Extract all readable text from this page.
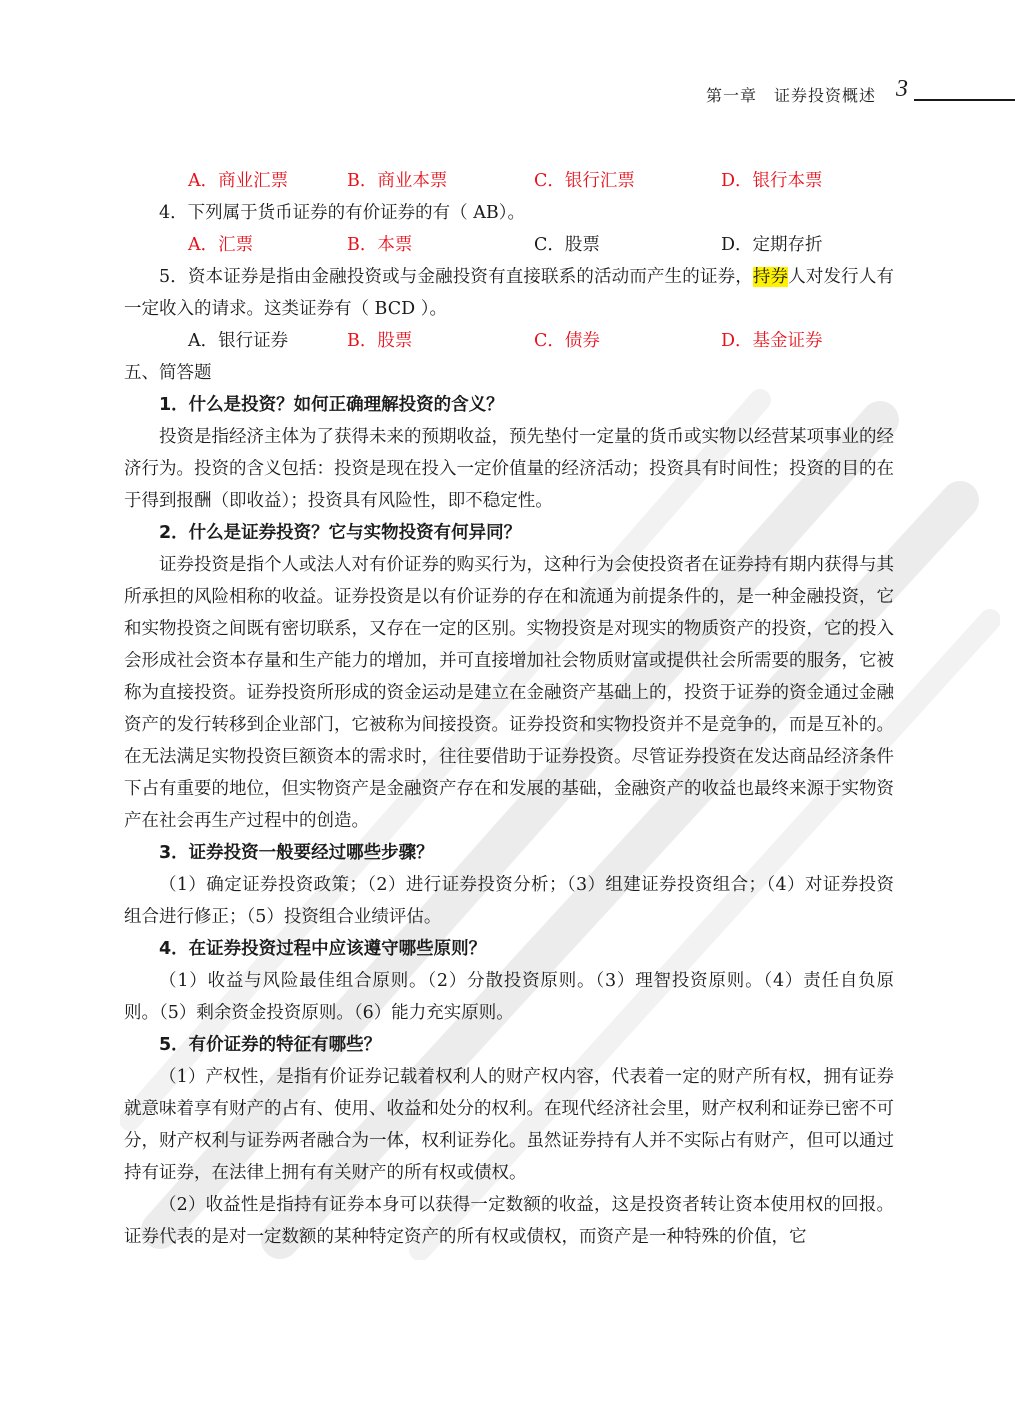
第一章　证券投资概述 3
A．商业汇票	B．商业本票	C．银行汇票	D．银行本票

4．下列属于货币证券的有价证券的有（ AB）。

A．汇票	B．本票	C．股票	D．定期存折

5．资本证券是指由金融投资或与金融投资有直接联系的活动而产生的证券，持券人对发行人有一定收入的请求。这类证券有（ BCD ）。

A．银行证券	B．股票	C．债券	D．基金证券

五、简答题

1．什么是投资？如何正确理解投资的含义？

投资是指经济主体为了获得未来的预期收益，预先垫付一定量的货币或实物以经营某项事业的经济行为。投资的含义包括：投资是现在投入一定价值量的经济活动；投资具有时间性；投资的目的在于得到报酬（即收益）；投资具有风险性，即不稳定性。

2．什么是证券投资？它与实物投资有何异同？

证券投资是指个人或法人对有价证券的购买行为，这种行为会使投资者在证券持有期内获得与其所承担的风险相称的收益。证券投资是以有价证券的存在和流通为前提条件的，是一种金融投资，它和实物投资之间既有密切联系，又存在一定的区别。实物投资是对现实的物质资产的投资，它的投入会形成社会资本存量和生产能力的增加，并可直接增加社会物质财富或提供社会所需要的服务，它被称为直接投资。证券投资所形成的资金运动是建立在金融资产基础上的，投资于证券的资金通过金融资产的发行转移到企业部门，它被称为间接投资。证券投资和实物投资并不是竞争的，而是互补的。在无法满足实物投资巨额资本的需求时，往往要借助于证券投资。尽管证券投资在发达商品经济条件下占有重要的地位，但实物资产是金融资产存在和发展的基础，金融资产的收益也最终来源于实物资产在社会再生产过程中的创造。

3．证券投资一般要经过哪些步骤？

（1）确定证券投资政策；（2）进行证券投资分析；（3）组建证券投资组合；（4）对证券投资组合进行修正；（5）投资组合业绩评估。

4．在证券投资过程中应该遵守哪些原则？

（1）收益与风险最佳组合原则。（2）分散投资原则。（3）理智投资原则。（4）责任自负原则。（5）剩余资金投资原则。（6）能力充实原则。

5．有价证券的特征有哪些？

（1）产权性，是指有价证券记载着权利人的财产权内容，代表着一定的财产所有权，拥有证券就意味着享有财产的占有、使用、收益和处分的权利。在现代经济社会里，财产权利和证券已密不可分，财产权利与证券两者融合为一体，权利证券化。虽然证券持有人并不实际占有财产，但可以通过持有证券，在法律上拥有有关财产的所有权或债权。

（2）收益性是指持有证券本身可以获得一定数额的收益，这是投资者转让资本使用权的回报。证券代表的是对一定数额的某种特定资产的所有权或债权，而资产是一种特殊的价值，它
